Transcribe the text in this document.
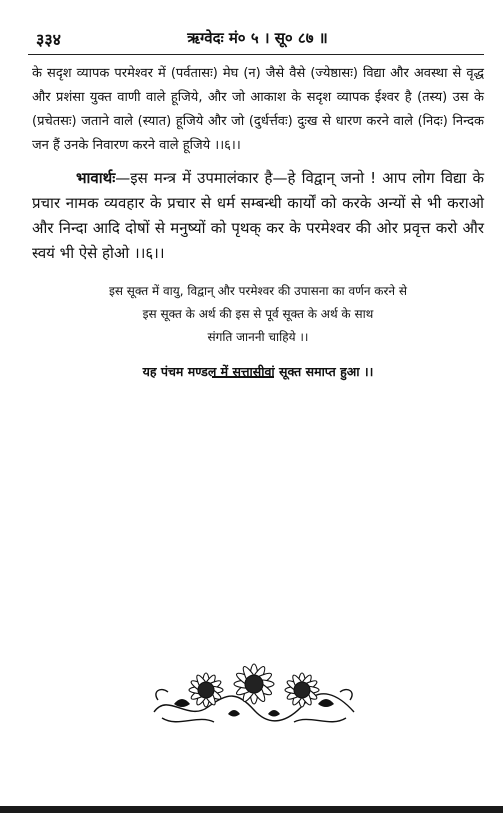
३३४	ऋग्वेदः मं० ५ । सू० ८७ ॥

के सदृश व्यापक परमेश्वर में (पर्वतासः) मेघ (न) जैसे वैसे (ज्येष्ठासः) विद्या और अवस्था से वृद्ध और प्रशंसा युक्त वाणी वाले हूजिये, और जो आकाश के सदृश व्यापक ईश्वर है (तस्य) उस के (प्रचेतसः) जताने वाले (स्यात) हूजिये और जो (दुर्धर्त्तवः) दुःख से धारण करने वाले (निदः) निन्दक जन हैं उनके निवारण करने वाले हूजिये ।।६।।

भावार्थः—इस मन्त्र में उपमालंकार है—हे विद्वान् जनो ! आप लोग विद्या के प्रचार नामक व्यवहार के प्रचार से धर्म सम्बन्धी कार्यों को करके अन्यों से भी कराओ और निन्दा आदि दोषों से मनुष्यों को पृथक् कर के परमेश्वर की ओर प्रवृत्त करो और स्वयं भी ऐसे होओ ।।६।।

इस सूक्त में वायु, विद्वान् और परमेश्वर की उपासना का वर्णन करने से
इस सूक्त के अर्थ की इस से पूर्व सूक्त के अर्थ के साथ
संगति जाननी चाहिये ।।
यह पंचम मण्डल में सत्तासीवां सूक्त समाप्त हुआ ।।
